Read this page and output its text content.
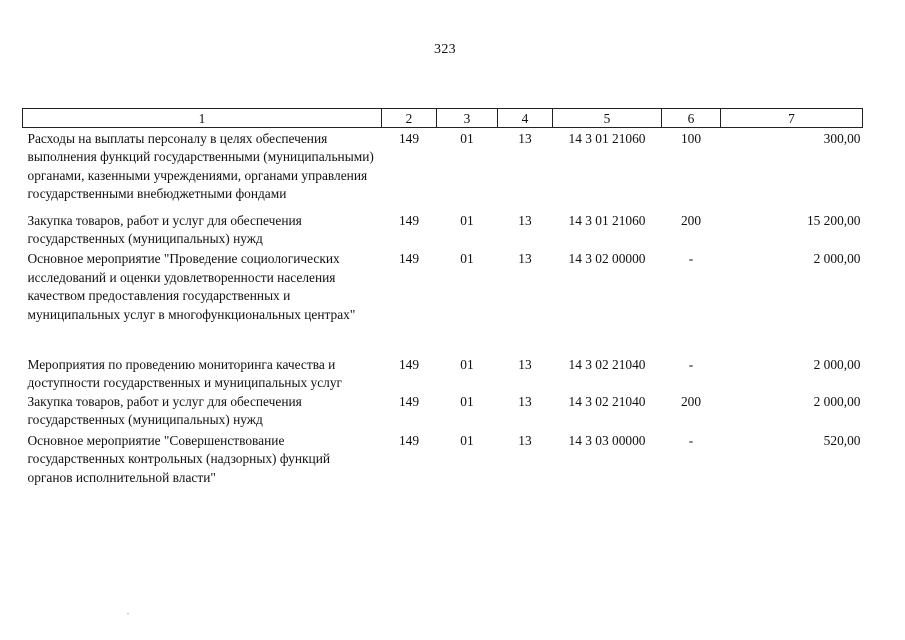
323
1	2	3	4	5	6	7
Расходы на выплаты персоналу в целях обеспечения выполнения функций государственными (муниципальными) органами, казенными учреждениями, органами управления государственными внебюджетными фондами	149	01	13	14 3 01 21060	100	300,00
Закупка товаров, работ и услуг для обеспечения государственных (муниципальных) нужд	149	01	13	14 3 01 21060	200	15 200,00
Основное мероприятие "Проведение социологических исследований и оценки удовлетворенности населения качеством предоставления государственных и муниципальных услуг в многофункциональных центрах"	149	01	13	14 3 02 00000	-	2 000,00
Мероприятия по проведению мониторинга качества и доступности государственных и муниципальных услуг	149	01	13	14 3 02 21040	-	2 000,00
Закупка товаров, работ и услуг для обеспечения государственных (муниципальных) нужд	149	01	13	14 3 02 21040	200	2 000,00
Основное мероприятие "Совершенствование государственных контрольных (надзорных) функций органов исполнительной власти"	149	01	13	14 3 03 00000	-	520,00
